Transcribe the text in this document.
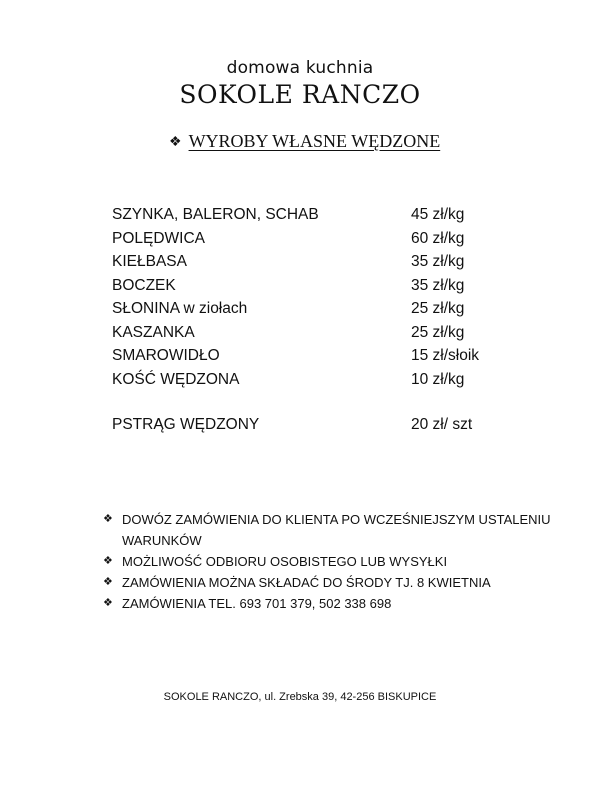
domowa kuchnia
SOKOLE RANCZO
❖ WYROBY WŁASNE WĘDZONE
SZYNKA, BALERON, SCHAB	45 zł/kg
POLĘDWICA	60 zł/kg
KIEŁBASA	35 zł/kg
BOCZEK	35 zł/kg
SŁONINA w ziołach	25 zł/kg
KASZANKA	25 zł/kg
SMAROWIDŁO	15 zł/słoik
KOŚĆ WĘDZONA	10 zł/kg
PSTRĄG WĘDZONY	20 zł/ szt
❖ DOWÓZ ZAMÓWIENIA DO KLIENTA PO WCZEŚNIEJSZYM USTALENIU WARUNKÓW
❖ MOŻLIWOŚĆ ODBIORU OSOBISTEGO LUB WYSYŁKI
❖ ZAMÓWIENIA MOŻNA SKŁADAĆ DO ŚRODY TJ. 8 KWIETNIA
❖ ZAMÓWIENIA TEL. 693 701 379, 502 338 698
SOKOLE RANCZO, ul. Zrebska 39, 42-256 BISKUPICE
